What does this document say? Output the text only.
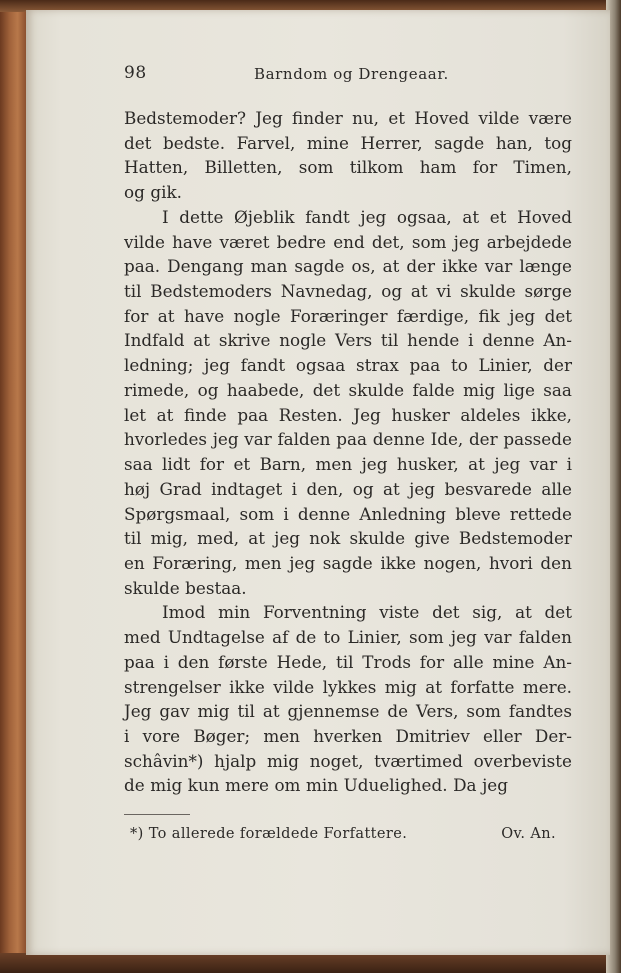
98	Barndom og Drengeaar.
Bedstemoder? Jeg finder nu, et Hoved vilde være
det bedste. Farvel, mine Herrer, sagde han, tog
Hatten, Billetten, som tilkom ham for Timen,
og gik.
I dette Øjeblik fandt jeg ogsaa, at et Hoved
vilde have været bedre end det, som jeg arbejdede
paa. Dengang man sagde os, at der ikke var længe
til Bedstemoders Navnedag, og at vi skulde sørge
for at have nogle Foræringer færdige, fik jeg det
Indfald at skrive nogle Vers til hende i denne An-
ledning; jeg fandt ogsaa strax paa to Linier, der
rimede, og haabede, det skulde falde mig lige saa
let at finde paa Resten. Jeg husker aldeles ikke,
hvorledes jeg var falden paa denne Ide, der passede
saa lidt for et Barn, men jeg husker, at jeg var i
høj Grad indtaget i den, og at jeg besvarede alle
Spørgsmaal, som i denne Anledning bleve rettede
til mig, med, at jeg nok skulde give Bedstemoder
en Foræring, men jeg sagde ikke nogen, hvori den
skulde bestaa.
Imod min Forventning viste det sig, at det
med Undtagelse af de to Linier, som jeg var falden
paa i den første Hede, til Trods for alle mine An-
strengelser ikke vilde lykkes mig at forfatte mere.
Jeg gav mig til at gjennemse de Vers, som fandtes
i vore Bøger; men hverken Dmitriev eller Der-
schâvin*) hjalp mig noget, tværtimed overbeviste
de mig kun mere om min Uduelighed. Da jeg
*) To allerede forældede Forfattere.	Ov. An.
